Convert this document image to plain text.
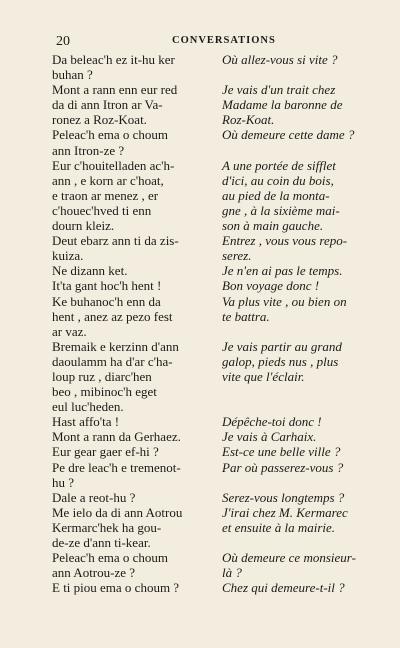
20	CONVERSATIONS

Da beleac'h ez it-hu ker
buhan ?

Mont a rann enn eur red
da di ann Itron ar Va-
ronez a Roz-Koat.

Peleac'h ema o choum
ann Itron-ze ?

Eur c'houitelladen ac'h-
ann , e korn ar c'hoat,
e traon ar menez , er
c'houec'hved ti enn
dourn kleiz.

Deut ebarz ann ti da zis-
kuiza.

Ne dizann ket.

It'ta gant hoc'h hent !

Ke buhanoc'h enn da
hent , anez az pezo fest
ar vaz.

Bremaik e kerzinn d'ann
daoulamm ha d'ar c'ha-
loup ruz , diarc'hen
beo , mibinoc'h eget
eul luc'heden.

Hast affo'ta !

Mont a rann da Gerhaez.

Eur gear gaer ef-hi ?

Pe dre leac'h e tremenot-
hu ?

Dale a reot-hu ?

Me ielo da di ann Aotrou
Kermarc'hek ha gou-
de-ze d'ann ti-kear.

Peleac'h ema o choum
ann Aotrou-ze ?

E ti piou ema o choum ?

Où allez-vous si vite ?

Je vais d'un trait chez
Madame la baronne de
Roz-Koat.

Où demeure cette dame ?

A une portée de sifflet
d'ici, au coin du bois,
au pied de la monta-
gne , à la sixième mai-
son à main gauche.

Entrez , vous vous repo-
serez.

Je n'en ai pas le temps.

Bon voyage donc !

Va plus vite , ou bien on
te battra.

Je vais partir au grand
galop, pieds nus , plus
vite que l'éclair.

Dépêche-toi donc !

Je vais à Carhaix.

Est-ce une belle ville ?

Par où passerez-vous ?

Serez-vous longtemps ?

J'irai chez M. Kermarec
et ensuite à la mairie.

Où demeure ce monsieur-
là ?

Chez qui demeure-t-il ?
